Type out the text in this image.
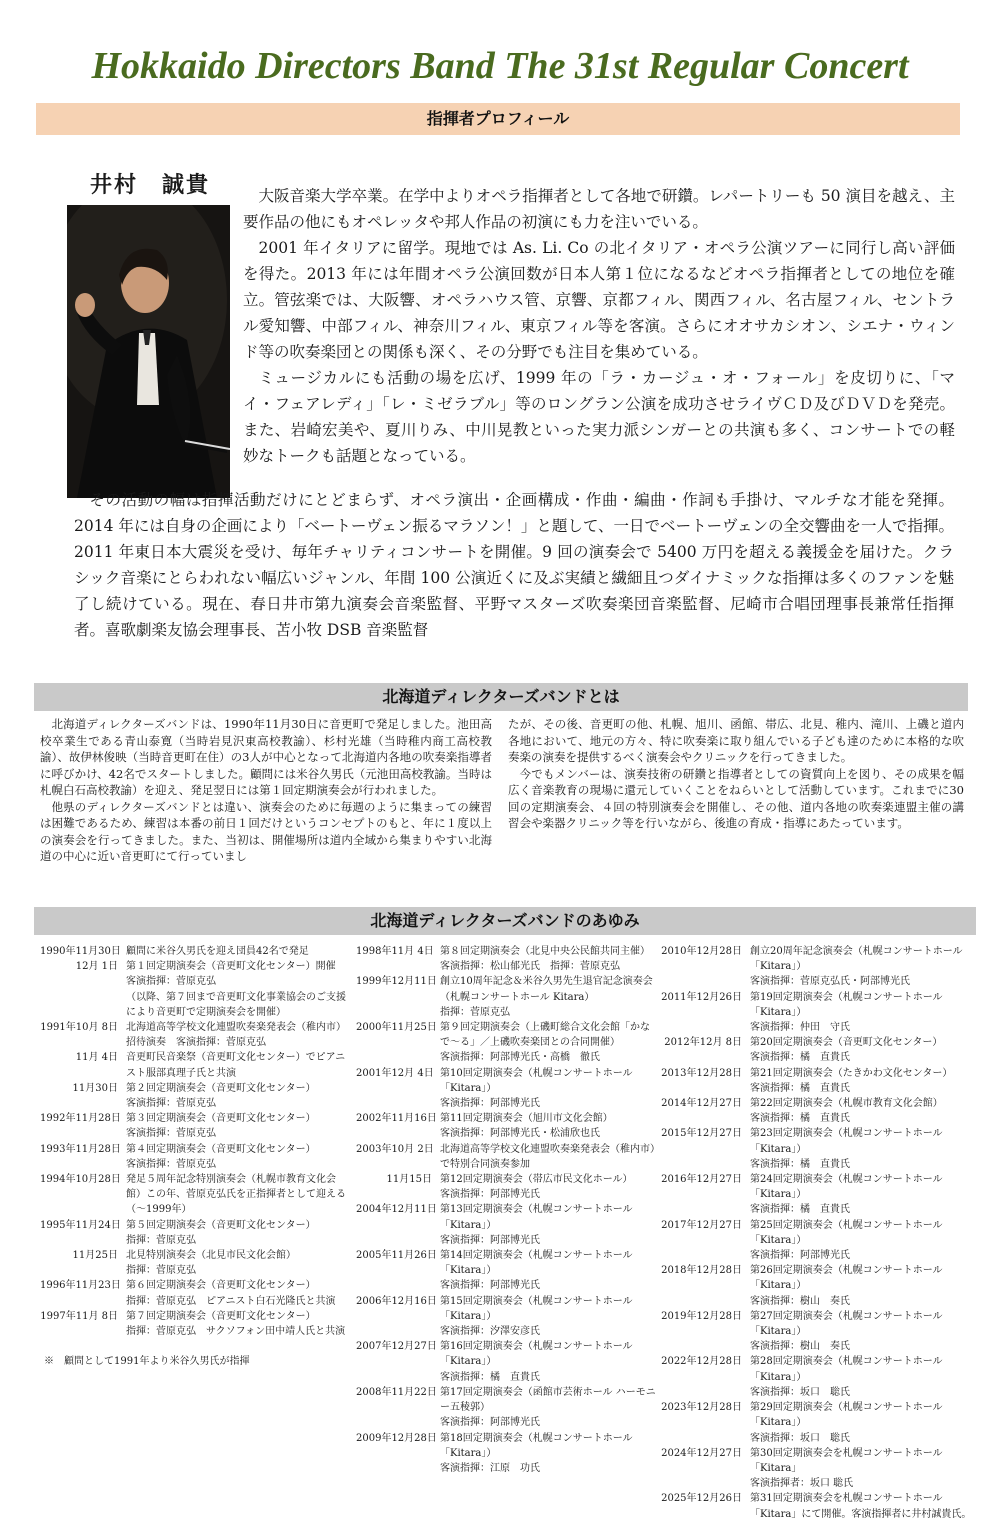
Hokkaido Directors Band The 31st Regular Concert
指揮者プロフィール
井村　誠貴	大阪音楽大学卒業。在学中よりオペラ指揮者として各地で研鑽。レパートリーも 50 演目を越え、主要作品の他にもオペレッタや邦人作品の初演にも力を注いでいる。

2001 年イタリアに留学。現地では As. Li. Co の北イタリア・オペラ公演ツアーに同行し高い評価を得た。2013 年には年間オペラ公演回数が日本人第１位になるなどオペラ指揮者としての地位を確立。管弦楽では、大阪響、オペラハウス管、京響、京都フィル、関西フィル、名古屋フィル、セントラル愛知響、中部フィル、神奈川フィル、東京フィル等を客演。さらにオオサカシオン、シエナ・ウィンド等の吹奏楽団との関係も深く、その分野でも注目を集めている。

ミュージカルにも活動の場を広げ、1999 年の「ラ・カージュ・オ・フォール」を皮切りに、「マイ・フェアレディ」「レ・ミゼラブル」等のロングラン公演を成功させライヴＣＤ及びＤＶＤを発売。また、岩崎宏美や、夏川りみ、中川晃教といった実力派シンガーとの共演も多く、コンサートでの軽妙なトークも話題となっている。

その活動の幅は指揮活動だけにとどまらず、オペラ演出・企画構成・作曲・編曲・作詞も手掛け、マルチな才能を発揮。2014 年には自身の企画により「ベートーヴェン振るマラソン！」と題して、一日でベートーヴェンの全交響曲を一人で指揮。2011 年東日本大震災を受け、毎年チャリティコンサートを開催。9 回の演奏会で 5400 万円を超える義援金を届けた。クラシック音楽にとらわれない幅広いジャンル、年間 100 公演近くに及ぶ実績と繊細且つダイナミックな指揮は多くのファンを魅了し続けている。現在、春日井市第九演奏会音楽監督、平野マスターズ吹奏楽団音楽監督、尼崎市合唱団理事長兼常任指揮者。喜歌劇楽友協会理事長、苫小牧 DSB 音楽監督

北海道ディレクターズバンドとは

北海道ディレクターズバンドは、1990年11月30日に音更町で発足しました。池田高校卒業生である青山泰寛（当時岩見沢東高校教諭）、杉村光雄（当時稚内商工高校教諭）、故伊林俊映（当時音更町在住）の3人が中心となって北海道内各地の吹奏楽指導者に呼びかけ、42名でスタートしました。顧問には米谷久男氏（元池田高校教諭。当時は札幌白石高校教諭）を迎え、発足翌日には第１回定期演奏会が行われました。

他県のディレクターズバンドとは違い、演奏会のために毎週のように集まっての練習は困難であるため、練習は本番の前日１回だけというコンセプトのもと、年に１度以上の演奏会を行ってきました。また、当初は、開催場所は道内全域から集まりやすい北海道の中心に近い音更町にて行っていまし

たが、その後、音更町の他、札幌、旭川、函館、帯広、北見、稚内、滝川、上磯と道内各地において、地元の方々、特に吹奏楽に取り組んでいる子ども達のために本格的な吹奏楽の演奏を提供するべく演奏会やクリニックを行ってきました。

今でもメンバーは、演奏技術の研鑽と指導者としての資質向上を図り、その成果を幅広く音楽教育の現場に還元していくことをねらいとして活動しています。これまでに30回の定期演奏会、４回の特別演奏会を開催し、その他、道内各地の吹奏楽連盟主催の講習会や楽器クリニック等を行いながら、後進の育成・指導にあたっています。

北海道ディレクターズバンドのあゆみ
1990年11月30日 顧問に米谷久男氏を迎え団員42名で発足
12月 1日 第１回定期演奏会（音更町文化センター）開催
客演指揮：菅原克弘
（以降、第７回まで音更町文化事業協会のご支援により音更町で定期演奏会を開催）
1991年10月 8日 北海道高等学校文化連盟吹奏楽発表会（稚内市）招待演奏　客演指揮：菅原克弘
11月 4日 音更町民音楽祭（音更町文化センター）でピアニスト服部真理子氏と共演
11月30日 第２回定期演奏会（音更町文化センター）
客演指揮：菅原克弘
1992年11月28日 第３回定期演奏会（音更町文化センター）
客演指揮：菅原克弘
1993年11月28日 第４回定期演奏会（音更町文化センター）
客演指揮：菅原克弘
1994年10月28日 発足５周年記念特別演奏会（札幌市教育文化会館）この年、菅原克弘氏を正指揮者として迎える（～1999年）
1995年11月24日 第５回定期演奏会（音更町文化センター）
指揮：菅原克弘
11月25日 北見特別演奏会（北見市民文化会館）
指揮：菅原克弘
1996年11月23日 第６回定期演奏会（音更町文化センター）
指揮：菅原克弘　ピアニスト白石光隆氏と共演
1997年11月 8日 第７回定期演奏会（音更町文化センター）
指揮：菅原克弘　サクソフォン田中靖人氏と共演
1998年11月 4日 第８回定期演奏会（北見中央公民館共同主催）
客演指揮：松山郁光氏　指揮：菅原克弘
1999年12月11日 創立10周年記念＆米谷久男先生退官記念演奏会（札幌コンサートホール Kitara）
指揮：菅原克弘
2000年11月25日 第９回定期演奏会（上磯町総合文化会館「かなで～る」／上磯吹奏楽団との合同開催）
客演指揮：阿部博光氏・高橋　徹氏
2001年12月 4日 第10回定期演奏会（札幌コンサートホール「Kitara」）
客演指揮：阿部博光氏
2002年11月16日 第11回定期演奏会（旭川市文化会館）
客演指揮：阿部博光氏・松浦欣也氏
2003年10月 2日 北海道高等学校文化連盟吹奏楽発表会（稚内市）で特別合同演奏参加
11月15日 第12回定期演奏会（帯広市民文化ホール）
客演指揮：阿部博光氏
2004年12月11日 第13回定期演奏会（札幌コンサートホール「Kitara」）
客演指揮：阿部博光氏
2005年11月26日 第14回定期演奏会（札幌コンサートホール「Kitara」）
客演指揮：阿部博光氏
2006年12月16日 第15回定期演奏会（札幌コンサートホール「Kitara」）
客演指揮：汐澤安彦氏
2007年12月27日 第16回定期演奏会（札幌コンサートホール「Kitara」）
客演指揮：橘　直貴氏
2008年11月22日 第17回定期演奏会（函館市芸術ホール ハーモニー五稜郭）
客演指揮：阿部博光氏
2009年12月28日 第18回定期演奏会（札幌コンサートホール「Kitara」）
客演指揮：江原　功氏
2010年12月28日 創立20周年記念演奏会（札幌コンサートホール「Kitara」）
客演指揮：菅原克弘氏・阿部博光氏
2011年12月26日 第19回定期演奏会（札幌コンサートホール「Kitara」）
客演指揮：仲田　守氏
2012年12月 8日 第20回定期演奏会（音更町文化センター）
客演指揮：橘　直貴氏
2013年12月28日 第21回定期演奏会（たきかわ文化センター）
客演指揮：橘　直貴氏
2014年12月27日 第22回定期演奏会（札幌市教育文化会館）
客演指揮：橘　直貴氏
2015年12月27日 第23回定期演奏会（札幌コンサートホール「Kitara」）
客演指揮：橘　直貴氏
2016年12月27日 第24回定期演奏会（札幌コンサートホール「Kitara」）
客演指揮：橘　直貴氏
2017年12月27日 第25回定期演奏会（札幌コンサートホール「Kitara」）
客演指揮：阿部博光氏
2018年12月28日 第26回定期演奏会（札幌コンサートホール「Kitara」）
客演指揮：樹山　奏氏
2019年12月28日 第27回定期演奏会（札幌コンサートホール「Kitara」）
客演指揮：樹山　奏氏
2022年12月28日 第28回定期演奏会（札幌コンサートホール「Kitara」）
客演指揮：坂口　聡氏
2023年12月28日 第29回定期演奏会（札幌コンサートホール「Kitara」）
客演指揮：坂口　聡氏
2024年12月27日 第30回定期演奏会を札幌コンサートホール「Kitara」
客演指揮者：坂口 聡氏
2025年12月26日 第31回定期演奏会を札幌コンサートホール「Kitara」にて開催。客演指揮者に井村誠貴氏。
※　顧問として1991年より米谷久男氏が指揮
